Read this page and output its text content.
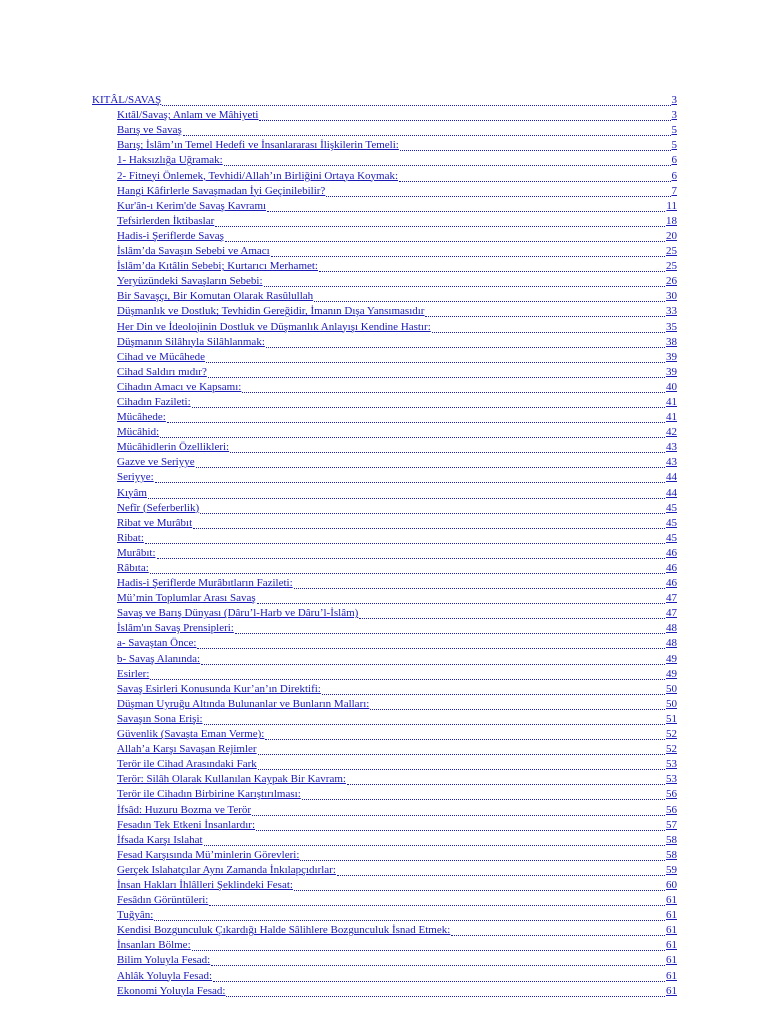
KITÂL/SAVAŞ	3
Kıtâl/Savaş; Anlam ve Mâhiyeti	3
Barış ve Savaş	5
Barış; İslâm’ın Temel Hedefi ve İnsanlararası İlişkilerin Temeli:	5
1- Haksızlığa Uğramak:	6
2- Fitneyi Önlemek, Tevhidi/Allah’ın Birliğini Ortaya Koymak:	6
Hangi Kâfirlerle Savaşmadan İyi Geçinilebilir?	7
Kur'ân-ı Kerim'de Savaş Kavramı	11
Tefsirlerden İktibaslar	18
Hadis-i Şeriflerde Savaş	20
İslâm’da Savaşın Sebebi ve Amacı	25
İslâm’da Kıtâlin Sebebi; Kurtarıcı Merhamet:	25
Yeryüzündeki Savaşların Sebebi:	26
Bir Savaşçı, Bir Komutan Olarak Rasûlullah	30
Düşmanlık ve Dostluk; Tevhidin Gereğidir, İmanın Dışa Yansımasıdır	33
Her Din ve İdeolojinin Dostluk ve Düşmanlık Anlayışı Kendine Hastır:	35
Düşmanın Silâhıyla Silâhlanmak:	38
Cihad ve Mücâhede	39
Cihad Saldırı mıdır?	39
Cihadın Amacı ve Kapsamı:	40
Cihadın Fazileti:	41
Mücâhede:	41
Mücâhid:	42
Mücâhidlerin Özellikleri:	43
Gazve ve Seriyye	43
Seriyye:	44
Kıyâm	44
Nefîr (Seferberlik)	45
Ribat ve Murâbıt	45
Ribat:	45
Murâbıt:	46
Râbıta:	46
Hadis-i Şeriflerde Murâbıtların Fazileti:	46
Mü’min Toplumlar Arası Savaş	47
Savaş ve Barış Dünyası (Dâru’l-Harb ve Dâru’l-İslâm)	47
İslâm'ın Savaş Prensipleri:	48
a- Savaştan Önce:	48
b- Savaş Alanında:	49
Esirler:	49
Savaş Esirleri Konusunda Kur’an’ın Direktifi:	50
Düşman Uyruğu Altında Bulunanlar ve Bunların Malları:	50
Savaşın Sona Erişi:	51
Güvenlik (Savaşta Eman Verme):	52
Allah’a Karşı Savaşan Rejimler	52
Terör ile Cihad Arasındaki Fark	53
Terör: Silâh Olarak Kullanılan Kaypak Bir Kavram:	53
Terör ile Cihadın Birbirine Karıştırılması:	56
İfsâd: Huzuru Bozma ve Terör	56
Fesadın Tek Etkeni İnsanlardır:	57
İfsada Karşı Islahat	58
Fesad Karşısında Mü’minlerin Görevleri:	58
Gerçek Islahatçılar Aynı Zamanda İnkılapçıdırlar:	59
İnsan Hakları İhlâlleri Şeklindeki Fesat:	60
Fesâdın Görüntüleri:	61
Tuğyân:	61
Kendisi Bozgunculuk Çıkardığı Halde Sâlihlere Bozgunculuk İsnad Etmek:	61
İnsanları Bölme:	61
Bilim Yoluyla Fesad:	61
Ahlâk Yoluyla Fesad:	61
Ekonomi Yoluyla Fesad:	61
